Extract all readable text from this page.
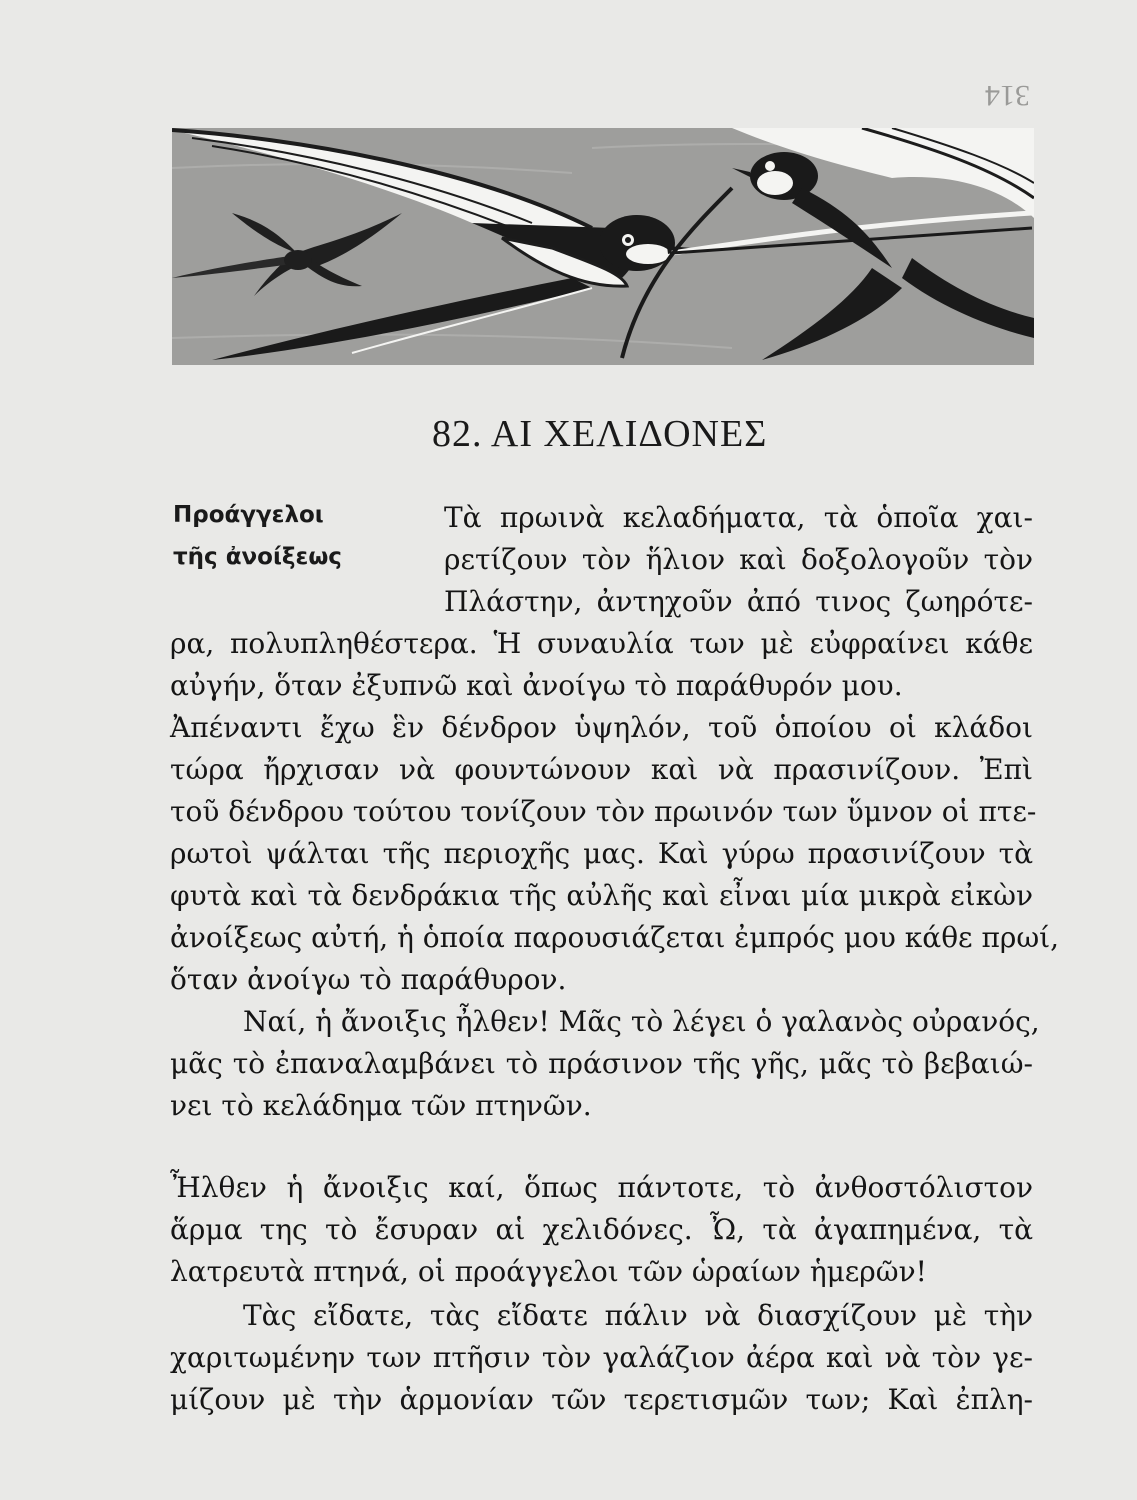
314
82. ΑΙ ΧΕΛΙΔΟΝΕΣ
Προάγγελοι
τῆς ἀνοίξεως
Τὰ πρωινὰ κελαδήματα, τὰ ὁποῖα χαι-
ρετίζουν τὸν ἥλιον καὶ δοξολογοῦν τὸν
Πλάστην, ἀντηχοῦν ἀπό τινος ζωηρότε-
ρα, πολυπληθέστερα. Ἡ συναυλία των μὲ εὐφραίνει κάθε
αὐγήν, ὅταν ἐξυπνῶ καὶ ἀνοίγω τὸ παράθυρόν μου.
Ἀπέναντι ἔχω ἓν δένδρον ὑψηλόν, τοῦ ὁποίου οἱ κλάδοι
τώρα ἤρχισαν νὰ φουντώνουν καὶ νὰ πρασινίζουν. Ἐπὶ
τοῦ δένδρου τούτου τονίζουν τὸν πρωινόν των ὕμνον οἱ πτε-
ρωτοὶ ψάλται τῆς περιοχῆς μας. Καὶ γύρω πρασινίζουν τὰ
φυτὰ καὶ τὰ δενδράκια τῆς αὐλῆς καὶ εἶναι μία μικρὰ εἰκὼν
ἀνοίξεως αὐτή, ἡ ὁποία παρουσιάζεται ἐμπρός μου κάθε πρωί,
ὅταν ἀνοίγω τὸ παράθυρον.
Ναί, ἡ ἄνοιξις ἦλθεν! Μᾶς τὸ λέγει ὁ γαλανὸς οὐρανός,
μᾶς τὸ ἐπαναλαμβάνει τὸ πράσινον τῆς γῆς, μᾶς τὸ βεβαιώ-
νει τὸ κελάδημα τῶν πτηνῶν.
Ἦλθεν ἡ ἄνοιξις καί, ὅπως πάντοτε, τὸ ἀνθοστόλιστον
ἅρμα της τὸ ἔσυραν αἱ χελιδόνες. Ὦ, τὰ ἀγαπημένα, τὰ
λατρευτὰ πτηνά, οἱ προάγγελοι τῶν ὡραίων ἡμερῶν!
Τὰς εἴδατε, τὰς εἴδατε πάλιν νὰ διασχίζουν μὲ τὴν
χαριτωμένην των πτῆσιν τὸν γαλάζιον ἀέρα καὶ νὰ τὸν γε-
μίζουν μὲ τὴν ἁρμονίαν τῶν τερετισμῶν των; Καὶ ἐπλη-
